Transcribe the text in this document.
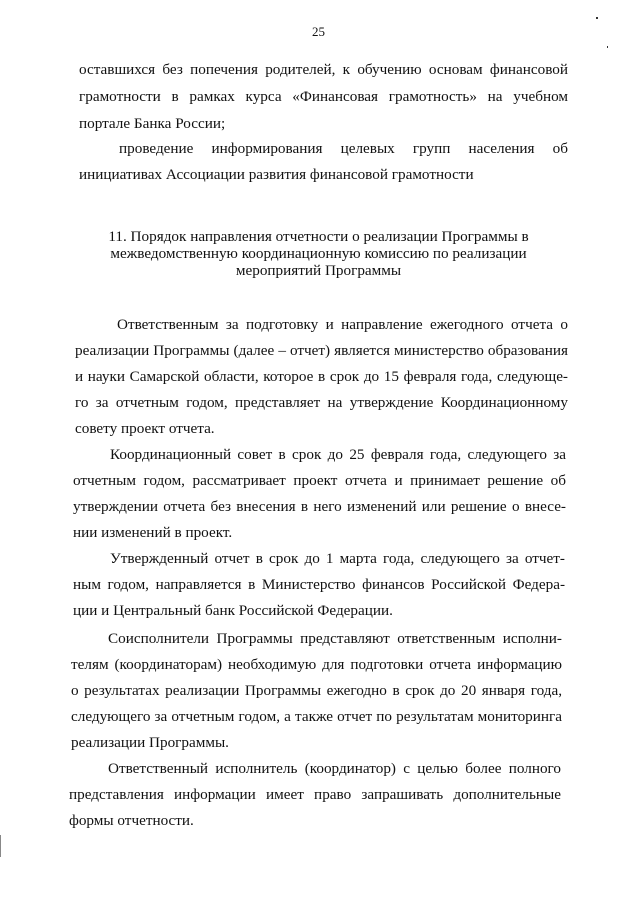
25
оставшихся без попечения родителей, к обучению основам финансовой
грамотности в рамках курса «Финансовая грамотность» на учебном
портале Банка России;
проведение информирования целевых групп населения об
инициативах Ассоциации развития финансовой грамотности
11. Порядок направления отчетности о реализации Программы в
межведомственную координационную комиссию по реализации
мероприятий Программы
Ответственным за подготовку и направление ежегодного отчета о
реализации Программы (далее – отчет) является министерство образования
и науки Самарской области, которое в срок до 15 февраля года, следующе-
го за отчетным годом, представляет на утверждение Координационному
совету проект отчета.
Координационный совет в срок до 25 февраля года, следующего за
отчетным годом, рассматривает проект отчета и принимает решение об
утверждении отчета без внесения в него изменений или решение о внесе-
нии изменений в проект.
Утвержденный отчет в срок до 1 марта года, следующего за отчет-
ным годом, направляется в Министерство финансов Российской Федера-
ции и Центральный банк Российской Федерации.
Соисполнители Программы представляют ответственным исполни-
телям (координаторам) необходимую для подготовки отчета информацию
о результатах реализации Программы ежегодно в срок до 20 января года,
следующего за отчетным годом, а также отчет по результатам мониторинга
реализации Программы.
Ответственный исполнитель (координатор) с целью более полного
представления информации имеет право запрашивать дополнительные
формы отчетности.
